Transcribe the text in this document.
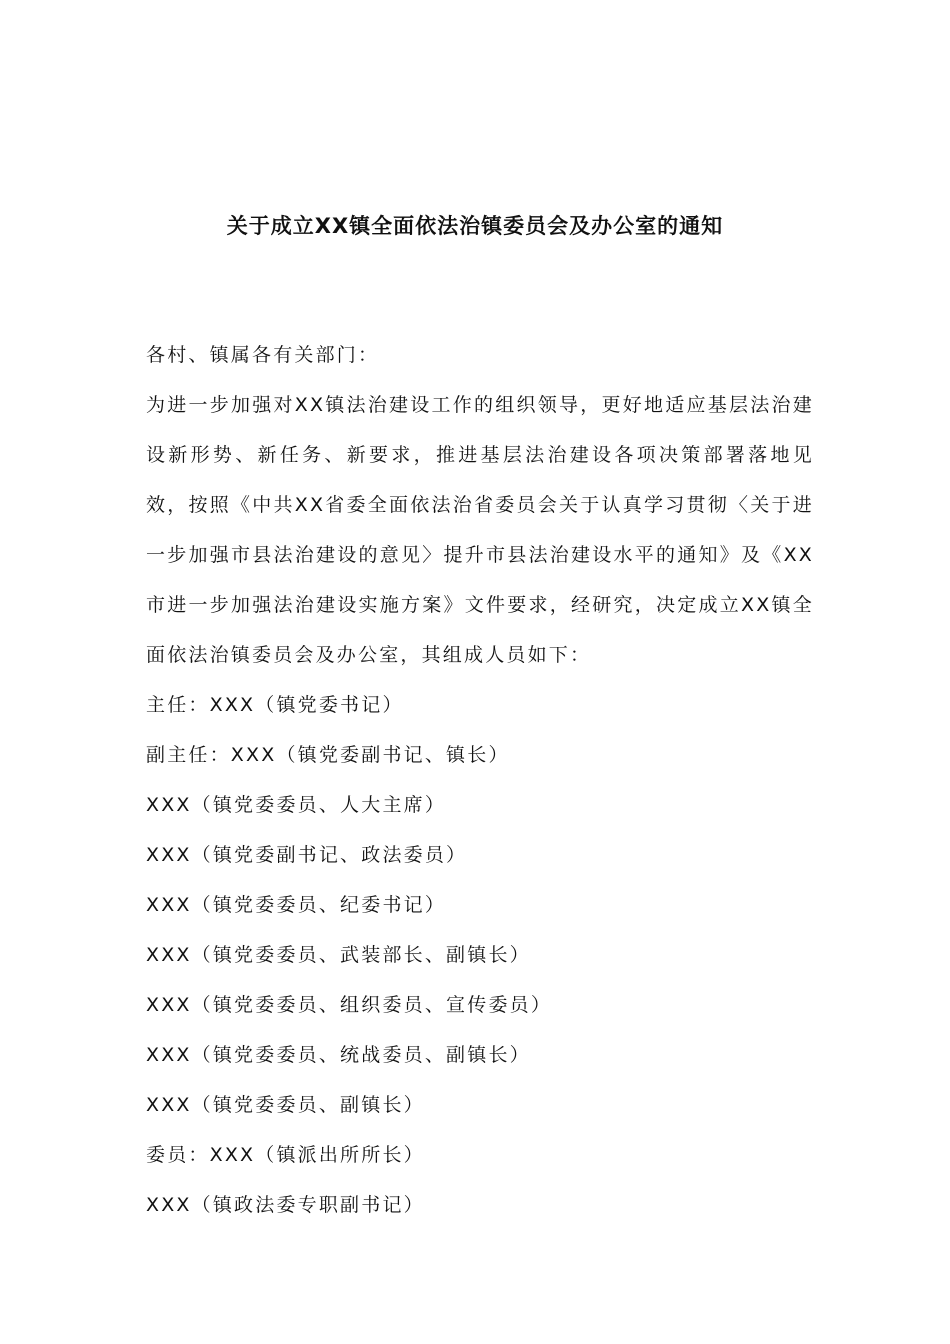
关于成立XX镇全面依法治镇委员会及办公室的通知

各村、镇属各有关部门：

为进一步加强对XX镇法治建设工作的组织领导，更好地适应基层法治建设新形势、新任务、新要求，推进基层法治建设各项决策部署落地见效，按照《中共XX省委全面依法治省委员会关于认真学习贯彻〈关于进一步加强市县法治建设的意见〉提升市县法治建设水平的通知》及《XX市进一步加强法治建设实施方案》文件要求，经研究，决定成立XX镇全面依法治镇委员会及办公室，其组成人员如下：

主任：XXX（镇党委书记）

副主任：XXX（镇党委副书记、镇长）

XXX（镇党委委员、人大主席）

XXX（镇党委副书记、政法委员）

XXX（镇党委委员、纪委书记）

XXX（镇党委委员、武装部长、副镇长）

XXX（镇党委委员、组织委员、宣传委员）

XXX（镇党委委员、统战委员、副镇长）

XXX（镇党委委员、副镇长）

委员：XXX（镇派出所所长）

XXX（镇政法委专职副书记）
